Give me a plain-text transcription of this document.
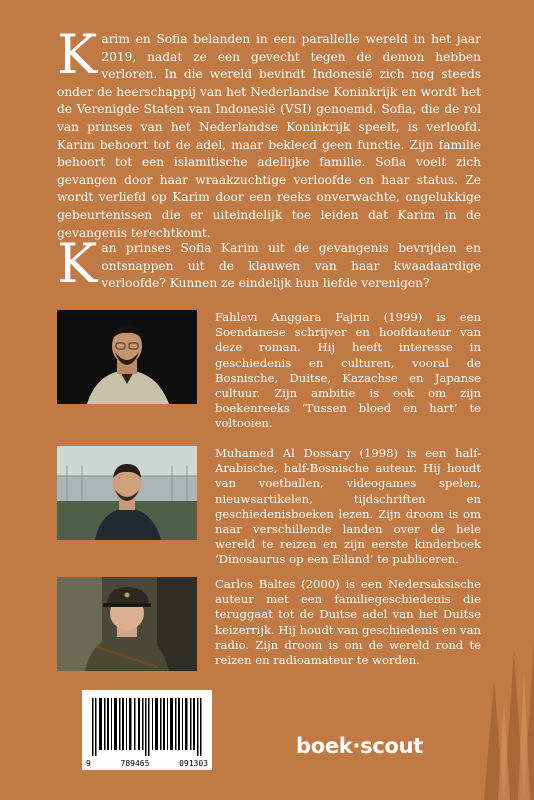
Karim en Sofia belanden in een parallelle wereld in het jaar 2019, nadat ze een gevecht tegen de demon hebben verloren. In die wereld bevindt Indonesië zich nog steeds onder de heerschappij van het Nederlandse Koninkrijk en wordt het de Verenigde Staten van Indonesië (VSI) genoemd. Sofia, die de rol van prinses van het Nederlandse Koninkrijk speelt, is verloofd. Karim behoort tot de adel, maar bekleed geen functie. Zijn familie behoort tot een islamitische adellijke familie. Sofia voelt zich gevangen door haar wraakzuchtige verloofde en haar status. Ze wordt verliefd op Karim door een reeks onverwachte, ongelukkige gebeurtenissen die er uiteindelijk toe leiden dat Karim in de gevangenis terechtkomt.

Kan prinses Sofia Karim uit de gevangenis bevrijden en ontsnappen uit de klauwen van haar kwaadaardige verloofde? Kunnen ze eindelijk hun liefde verenigen?

Fahlevi Anggara Fajrin (1999) is een Soendanese schrijver en hoofdauteur van deze roman. Hij heeft interesse in geschiedenis en culturen, vooral de Bosnische, Duitse, Kazachse en Japanse cultuur. Zijn ambitie is ook om zijn boekenreeks ‘Tussen bloed en hart’ te voltooien.

Muhamed Al Dossary (1998) is een half-Arabische, half-Bosnische auteur. Hij houdt van voetballen, videogames spelen, nieuwsartikelen, tijdschriften en geschiedenisboeken lezen. Zijn droom is om naar verschillende landen over de hele wereld te reizen en zijn eerste kinderboek ‘Dinosaurus op een Eiland’ te publiceren.

Carlos Baltes (2000) is een Nedersaksische auteur met een familiegeschiedenis die teruggaat tot de Duitse adel van het Duitse keizerrijk. Hij houdt van geschiedenis en van radio. Zijn droom is om de wereld rond te reizen en radioamateur te worden.

9	789465	091303
boek·scout
